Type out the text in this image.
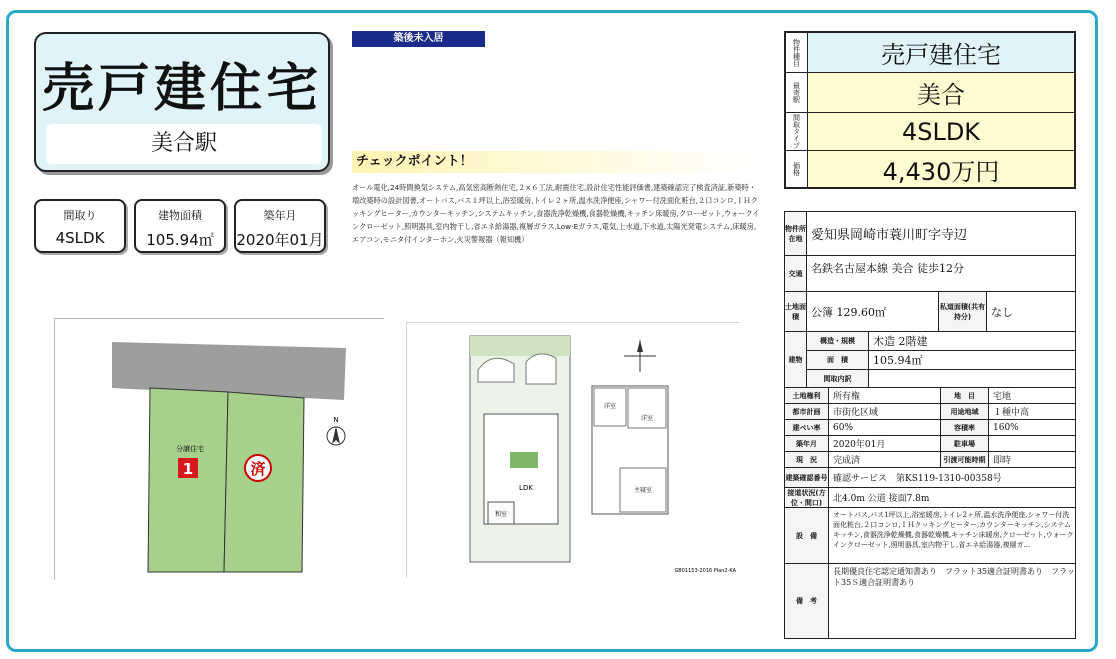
売戸建住宅
美合駅
間取り
4SLDK
建物面積
105.94㎡
築年月
2020年01月
築後未入居
チェックポイント！
オール電化,24時間換気システム,高気密高断熱住宅,２×６工法,耐震住宅,設計住宅性能評価書,建築確認完了検査済証,新築時・増改築時の設計図書,オートバス,バス１坪以上,浴室暖房,トイレ２ヶ所,温水洗浄便座,シャワー付洗面化粧台,２口コンロ,ＩＨクッキングヒーター,カウンターキッチン,システムキッチン,食器洗浄乾燥機,食器乾燥機,キッチン床暖房,クローゼット,ウォークインクローゼット,照明器具,室内物干し,省エネ給湯器,複層ガラス,Low-Eガラス,電気,上水道,下水道,太陽光発電システム,床暖房,エアコン,モニタ付インターホン,火災警報器（報知機）
分譲住宅
1	済
N
LDK
和室
洋室
洋室
主寝室
GB01153-2016 Plan2-KA
物件種目	売戸建住宅
最寄駅	美合
間取タイプ	4SLDK
価格	4,430万円
物件所在地 愛知県岡崎市蓑川町字寺辺
交通 名鉄名古屋本線 美合 徒歩12分
土地面積	公簿 129.60㎡	私道面積(共有持分)	なし
建物
構造・規模	木造 2階建
面　積	105.94㎡
間取内訳
土地権利	所有権	地　目	宅地
都市計画	市街化区域	用途地域	１種中高
建ぺい率	60%	容積率	160%
築年月	2020年01月	駐車場
現　況	完成済	引渡可能時期 即時
建築確認番号 確認サービス　第KS119-1310-00358号
接道状況(方位・間口)	北4.0m 公道 接面7.8m
設　備
オートバス,バス1坪以上,浴室暖房,トイレ2ヶ所,温水洗浄便座,シャワー付洗面化粧台,２口コンロ,ＩＨクッキングヒーター,カウンターキッチン,システムキッチン,食器洗浄乾燥機,食器乾燥機,キッチン床暖房,クローゼット,ウォークインクローゼット,照明器具,室内物干し,省エネ給湯器,複層ガ...
備　考
長期優良住宅認定通知書あり　フラット35適合証明書あり　フラット35Ｓ適合証明書あり
